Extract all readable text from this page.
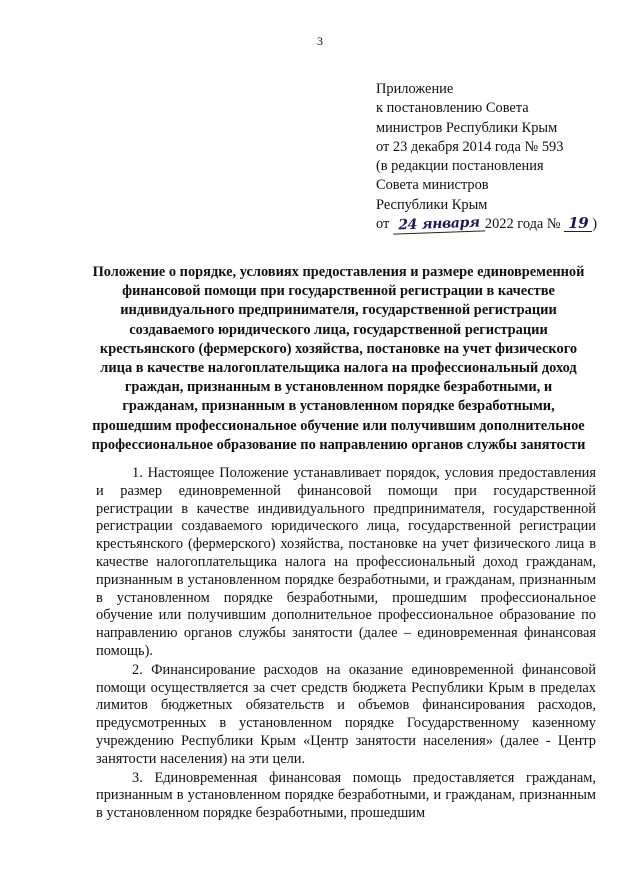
3
Приложение
к постановлению Совета
министров Республики Крым
от 23 декабря 2014 года № 593
(в редакции постановления
Совета министров
Республики Крым
от 24 января 2022 года № 19 )
Положение о порядке, условиях предоставления и размере единовременной финансовой помощи при государственной регистрации в качестве индивидуального предпринимателя, государственной регистрации создаваемого юридического лица, государственной регистрации крестьянского (фермерского) хозяйства, постановке на учет физического лица в качестве налогоплательщика налога на профессиональный доход граждан, признанным в установленном порядке безработными, и гражданам, признанным в установленном порядке безработными, прошедшим профессиональное обучение или получившим дополнительное профессиональное образование по направлению органов службы занятости

1. Настоящее Положение устанавливает порядок, условия предоставления и размер единовременной финансовой помощи при государственной регистрации в качестве индивидуального предпринимателя, государственной регистрации создаваемого юридического лица, государственной регистрации крестьянского (фермерского) хозяйства, постановке на учет физического лица в качестве налогоплательщика налога на профессиональный доход гражданам, признанным в установленном порядке безработными, и гражданам, признанным в установленном порядке безработными, прошедшим профессиональное обучение или получившим дополнительное профессиональное образование по направлению органов службы занятости (далее – единовременная финансовая помощь).

2. Финансирование расходов на оказание единовременной финансовой помощи осуществляется за счет средств бюджета Республики Крым в пределах лимитов бюджетных обязательств и объемов финансирования расходов, предусмотренных в установленном порядке Государственному казенному учреждению Республики Крым «Центр занятости населения» (далее - Центр занятости населения) на эти цели.

3. Единовременная финансовая помощь предоставляется гражданам, признанным в установленном порядке безработными, и гражданам, признанным в установленном порядке безработными, прошедшим
